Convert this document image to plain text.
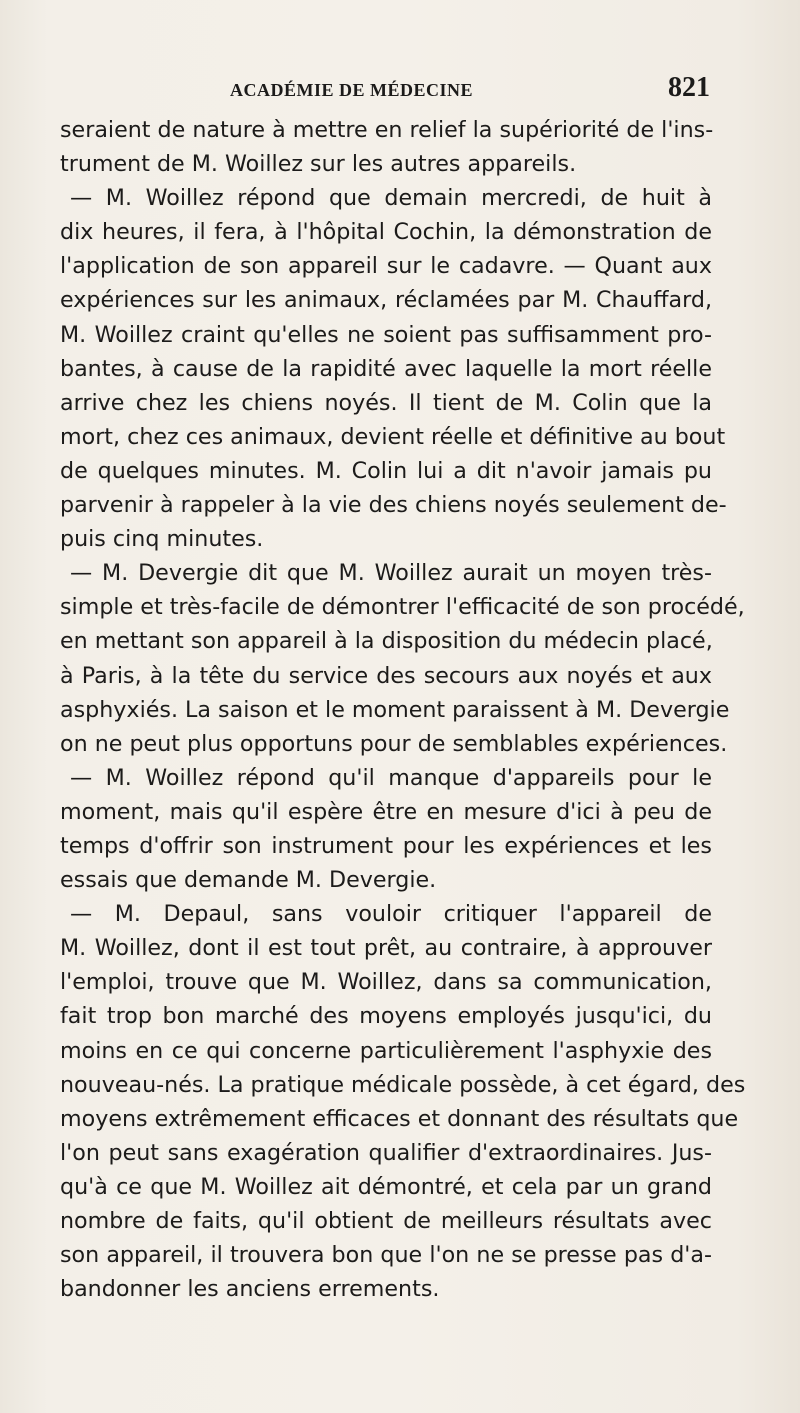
ACADÉMIE DE MÉDECINE	821

seraient de nature à mettre en relief la supériorité de l'ins-
trument de M. Woillez sur les autres appareils.

— M. Woillez répond que demain mercredi, de huit à
dix heures, il fera, à l'hôpital Cochin, la démonstration de
l'application de son appareil sur le cadavre. — Quant aux
expériences sur les animaux, réclamées par M. Chauffard,
M. Woillez craint qu'elles ne soient pas suffisamment pro-
bantes, à cause de la rapidité avec laquelle la mort réelle
arrive chez les chiens noyés. Il tient de M. Colin que la
mort, chez ces animaux, devient réelle et définitive au bout
de quelques minutes. M. Colin lui a dit n'avoir jamais pu
parvenir à rappeler à la vie des chiens noyés seulement de-
puis cinq minutes.

— M. Devergie dit que M. Woillez aurait un moyen très-
simple et très-facile de démontrer l'efficacité de son procédé,
en mettant son appareil à la disposition du médecin placé,
à Paris, à la tête du service des secours aux noyés et aux
asphyxiés. La saison et le moment paraissent à M. Devergie
on ne peut plus opportuns pour de semblables expériences.

— M. Woillez répond qu'il manque d'appareils pour le
moment, mais qu'il espère être en mesure d'ici à peu de
temps d'offrir son instrument pour les expériences et les
essais que demande M. Devergie.

— M. Depaul, sans vouloir critiquer l'appareil de
M. Woillez, dont il est tout prêt, au contraire, à approuver
l'emploi, trouve que M. Woillez, dans sa communication,
fait trop bon marché des moyens employés jusqu'ici, du
moins en ce qui concerne particulièrement l'asphyxie des
nouveau-nés. La pratique médicale possède, à cet égard, des
moyens extrêmement efficaces et donnant des résultats que
l'on peut sans exagération qualifier d'extraordinaires. Jus-
qu'à ce que M. Woillez ait démontré, et cela par un grand
nombre de faits, qu'il obtient de meilleurs résultats avec
son appareil, il trouvera bon que l'on ne se presse pas d'a-
bandonner les anciens errements.
